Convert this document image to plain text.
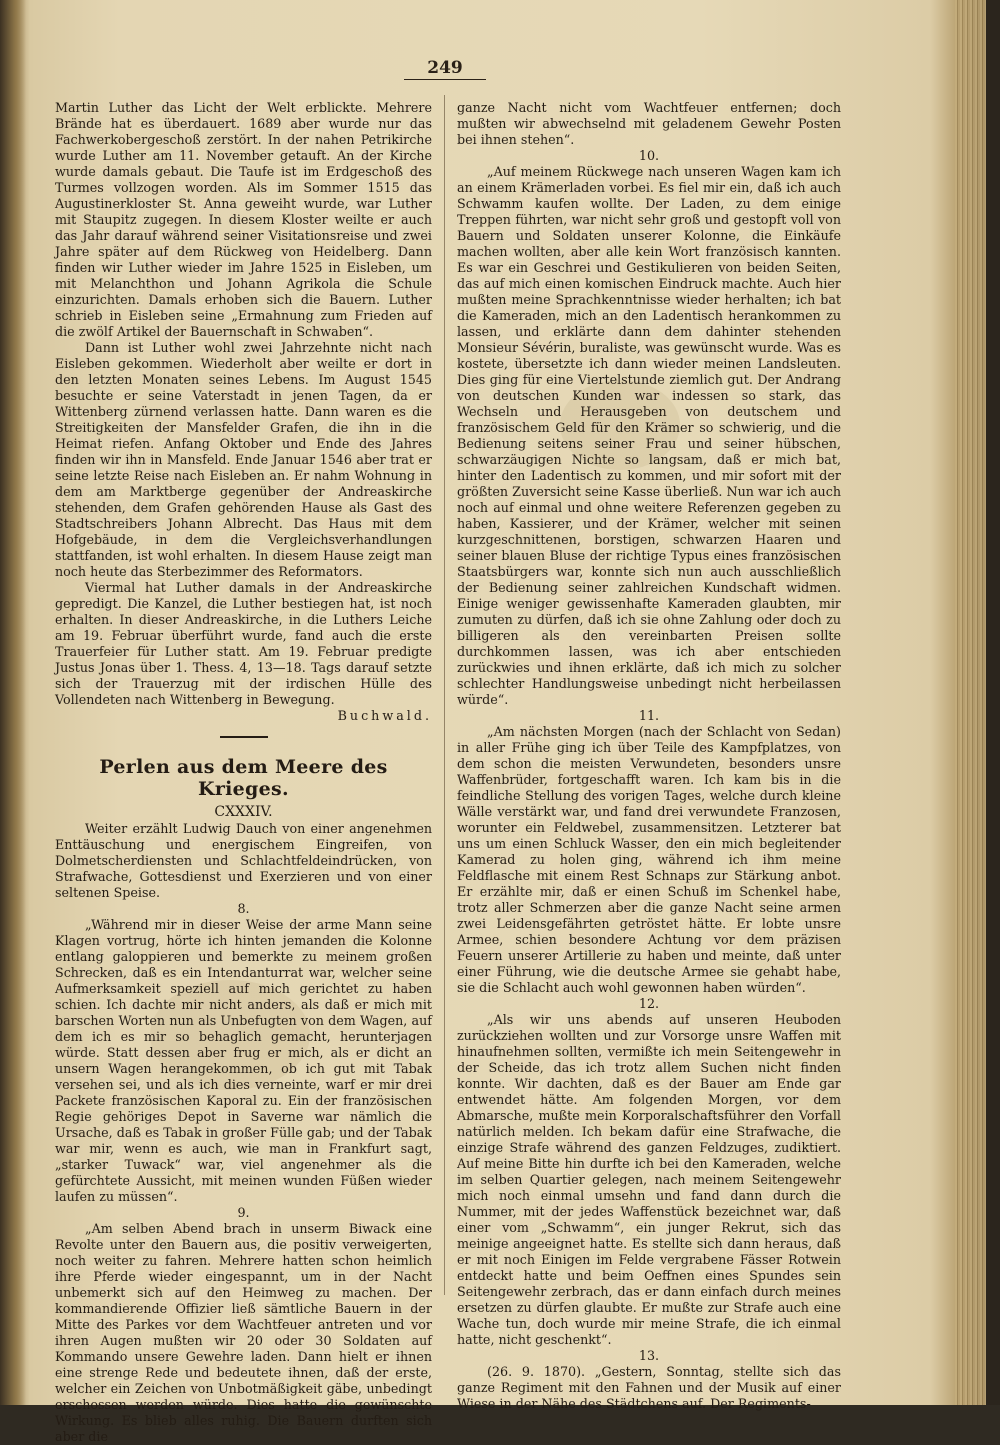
249

Martin Luther das Licht der Welt erblickte. Mehrere Brände hat es überdauert. 1689 aber wurde nur das Fachwerkobergeschoß zerstört. In der nahen Petrikirche wurde Luther am 11. November getauft. An der Kirche wurde damals gebaut. Die Taufe ist im Erdgeschoß des Turmes vollzogen worden. Als im Sommer 1515 das Augustinerkloster St. Anna geweiht wurde, war Luther mit Staupitz zugegen. In diesem Kloster weilte er auch das Jahr darauf während seiner Visitationsreise und zwei Jahre später auf dem Rückweg von Heidelberg. Dann finden wir Luther wieder im Jahre 1525 in Eisleben, um mit Melanchthon und Johann Agrikola die Schule einzurichten. Damals erhoben sich die Bauern. Luther schrieb in Eisleben seine „Ermahnung zum Frieden auf die zwölf Artikel der Bauernschaft in Schwaben“.

Dann ist Luther wohl zwei Jahrzehnte nicht nach Eisleben gekommen. Wiederholt aber weilte er dort in den letzten Monaten seines Lebens. Im August 1545 besuchte er seine Vaterstadt in jenen Tagen, da er Wittenberg zürnend verlassen hatte. Dann waren es die Streitigkeiten der Mansfelder Grafen, die ihn in die Heimat riefen. Anfang Oktober und Ende des Jahres finden wir ihn in Mansfeld. Ende Januar 1546 aber trat er seine letzte Reise nach Eisleben an. Er nahm Wohnung in dem am Marktberge gegenüber der Andreaskirche stehenden, dem Grafen gehörenden Hause als Gast des Stadtschreibers Johann Albrecht. Das Haus mit dem Hofgebäude, in dem die Vergleichsverhandlungen stattfanden, ist wohl erhalten. In diesem Hause zeigt man noch heute das Sterbezimmer des Reformators.

Viermal hat Luther damals in der Andreaskirche gepredigt. Die Kanzel, die Luther bestiegen hat, ist noch erhalten. In dieser Andreaskirche, in die Luthers Leiche am 19. Februar überführt wurde, fand auch die erste Trauerfeier für Luther statt. Am 19. Februar predigte Justus Jonas über 1. Thess. 4, 13—18. Tags darauf setzte sich der Trauerzug mit der irdischen Hülle des Vollendeten nach Wittenberg in Bewegung.

Buchwald.

Perlen aus dem Meere des Krieges.

CXXXIV.

Weiter erzählt Ludwig Dauch von einer angenehmen Enttäuschung und energischem Eingreifen, von Dolmetscherdiensten und Schlachtfeldeindrücken, von Strafwache, Gottesdienst und Exerzieren und von einer seltenen Speise.

8.

„Während mir in dieser Weise der arme Mann seine Klagen vortrug, hörte ich hinten jemanden die Kolonne entlang galoppieren und bemerkte zu meinem großen Schrecken, daß es ein Intendanturrat war, welcher seine Aufmerksamkeit speziell auf mich gerichtet zu haben schien. Ich dachte mir nicht anders, als daß er mich mit barschen Worten nun als Unbefugten von dem Wagen, auf dem ich es mir so behaglich gemacht, herunterjagen würde. Statt dessen aber frug er mich, als er dicht an unsern Wagen herangekommen, ob ich gut mit Tabak versehen sei, und als ich dies verneinte, warf er mir drei Packete französischen Kaporal zu. Ein der französischen Regie gehöriges Depot in Saverne war nämlich die Ursache, daß es Tabak in großer Fülle gab; und der Tabak war mir, wenn es auch, wie man in Frankfurt sagt, „starker Tuwack“ war, viel angenehmer als die gefürchtete Aussicht, mit meinen wunden Füßen wieder laufen zu müssen“.

9.

„Am selben Abend brach in unserm Biwack eine Revolte unter den Bauern aus, die positiv verweigerten, noch weiter zu fahren. Mehrere hatten schon heimlich ihre Pferde wieder eingespannt, um in der Nacht unbemerkt sich auf den Heimweg zu machen. Der kommandierende Offizier ließ sämtliche Bauern in der Mitte des Parkes vor dem Wachtfeuer antreten und vor ihren Augen mußten wir 20 oder 30 Soldaten auf Kommando unsere Gewehre laden. Dann hielt er ihnen eine strenge Rede und bedeutete ihnen, daß der erste, welcher ein Zeichen von Unbotmäßigkeit gäbe, unbedingt erschossen werden würde. Dies hatte die gewünschte Wirkung. Es blieb alles ruhig. Die Bauern durften sich aber die

ganze Nacht nicht vom Wachtfeuer entfernen; doch mußten wir abwechselnd mit geladenem Gewehr Posten bei ihnen stehen“.

10.

„Auf meinem Rückwege nach unseren Wagen kam ich an einem Krämerladen vorbei. Es fiel mir ein, daß ich auch Schwamm kaufen wollte. Der Laden, zu dem einige Treppen führten, war nicht sehr groß und gestopft voll von Bauern und Soldaten unserer Kolonne, die Einkäufe machen wollten, aber alle kein Wort französisch kannten. Es war ein Geschrei und Gestikulieren von beiden Seiten, das auf mich einen komischen Eindruck machte. Auch hier mußten meine Sprachkenntnisse wieder herhalten; ich bat die Kameraden, mich an den Ladentisch herankommen zu lassen, und erklärte dann dem dahinter stehenden Monsieur Sévérin, buraliste, was gewünscht wurde. Was es kostete, übersetzte ich dann wieder meinen Landsleuten. Dies ging für eine Viertelstunde ziemlich gut. Der Andrang von deutschen Kunden war indessen so stark, das Wechseln und Herausgeben von deutschem und französischem Geld für den Krämer so schwierig, und die Bedienung seitens seiner Frau und seiner hübschen, schwarzäugigen Nichte so langsam, daß er mich bat, hinter den Ladentisch zu kommen, und mir sofort mit der größten Zuversicht seine Kasse überließ. Nun war ich auch noch auf einmal und ohne weitere Referenzen gegeben zu haben, Kassierer, und der Krämer, welcher mit seinen kurzgeschnittenen, borstigen, schwarzen Haaren und seiner blauen Bluse der richtige Typus eines französischen Staatsbürgers war, konnte sich nun auch ausschließlich der Bedienung seiner zahlreichen Kundschaft widmen. Einige weniger gewissenhafte Kameraden glaubten, mir zumuten zu dürfen, daß ich sie ohne Zahlung oder doch zu billigeren als den vereinbarten Preisen sollte durchkommen lassen, was ich aber entschieden zurückwies und ihnen erklärte, daß ich mich zu solcher schlechter Handlungsweise unbedingt nicht herbeilassen würde“.

11.

„Am nächsten Morgen (nach der Schlacht von Sedan) in aller Frühe ging ich über Teile des Kampfplatzes, von dem schon die meisten Verwundeten, besonders unsre Waffenbrüder, fortgeschafft waren. Ich kam bis in die feindliche Stellung des vorigen Tages, welche durch kleine Wälle verstärkt war, und fand drei verwundete Franzosen, worunter ein Feldwebel, zusammensitzen. Letzterer bat uns um einen Schluck Wasser, den ein mich begleitender Kamerad zu holen ging, während ich ihm meine Feldflasche mit einem Rest Schnaps zur Stärkung anbot. Er erzählte mir, daß er einen Schuß im Schenkel habe, trotz aller Schmerzen aber die ganze Nacht seine armen zwei Leidensgefährten getröstet hätte. Er lobte unsre Armee, schien besondere Achtung vor dem präzisen Feuern unserer Artillerie zu haben und meinte, daß unter einer Führung, wie die deutsche Armee sie gehabt habe, sie die Schlacht auch wohl gewonnen haben würden“.

12.

„Als wir uns abends auf unseren Heuboden zurückziehen wollten und zur Vorsorge unsre Waffen mit hinaufnehmen sollten, vermißte ich mein Seitengewehr in der Scheide, das ich trotz allem Suchen nicht finden konnte. Wir dachten, daß es der Bauer am Ende gar entwendet hätte. Am folgenden Morgen, vor dem Abmarsche, mußte mein Korporalschaftsführer den Vorfall natürlich melden. Ich bekam dafür eine Strafwache, die einzige Strafe während des ganzen Feldzuges, zudiktiert. Auf meine Bitte hin durfte ich bei den Kameraden, welche im selben Quartier gelegen, nach meinem Seitengewehr mich noch einmal umsehn und fand dann durch die Nummer, mit der jedes Waffenstück bezeichnet war, daß einer vom „Schwamm“, ein junger Rekrut, sich das meinige angeeignet hatte. Es stellte sich dann heraus, daß er mit noch Einigen im Felde vergrabene Fässer Rotwein entdeckt hatte und beim Oeffnen eines Spundes sein Seitengewehr zerbrach, das er dann einfach durch meines ersetzen zu dürfen glaubte. Er mußte zur Strafe auch eine Wache tun, doch wurde mir meine Strafe, die ich einmal hatte, nicht geschenkt“.

13.

(26. 9. 1870). „Gestern, Sonntag, stellte sich das ganze Regiment mit den Fahnen und der Musik auf einer Wiese in der Nähe des Städtchens auf. Der Regiments-
